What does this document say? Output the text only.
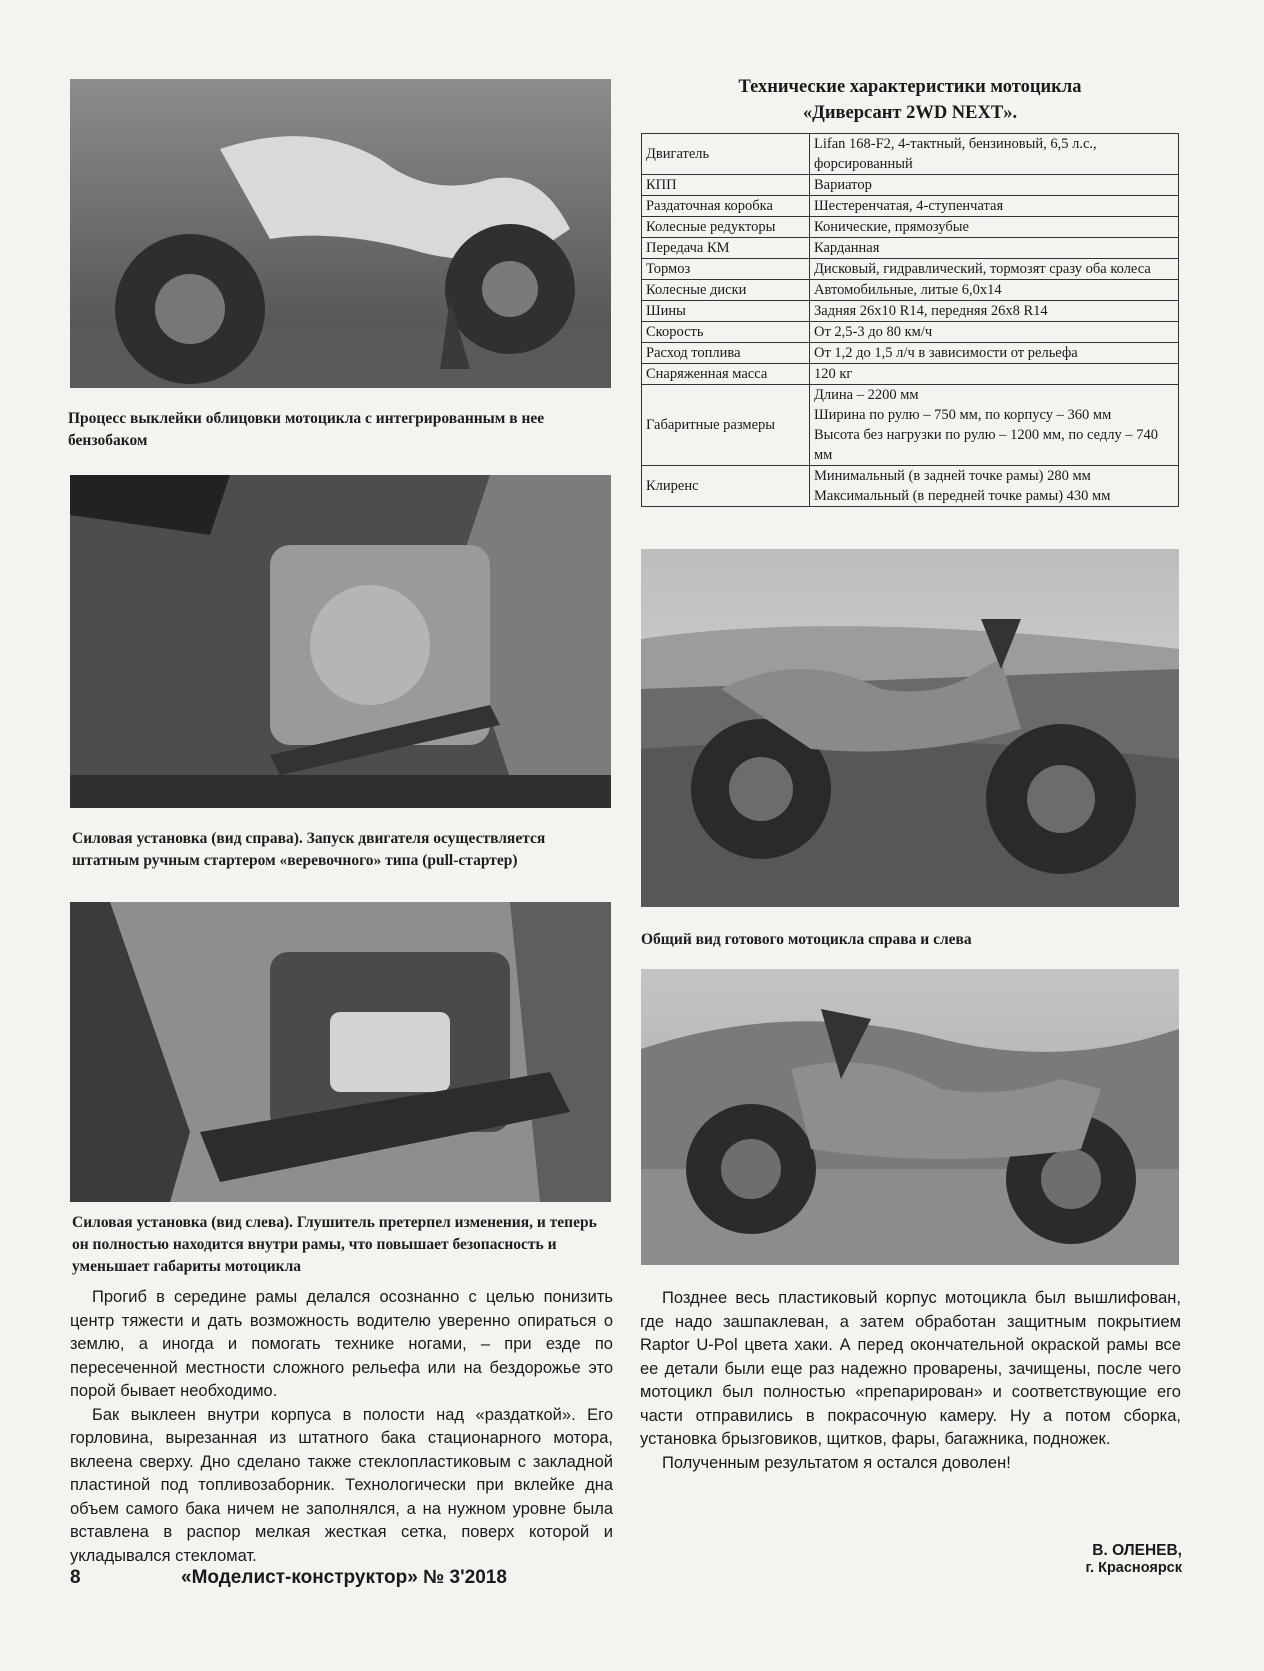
Процесс выклейки облицовки мотоцикла с интегрированным в нее бензобаком
Силовая установка (вид справа). Запуск двигателя осуществляется штатным ручным стартером «веревочного» типа (pull-стартер)
Силовая установка (вид слева). Глушитель претерпел изменения, и теперь он полностью находится внутри рамы, что повышает безопасность и уменьшает габариты мотоцикла
Технические характеристики мотоцикла
«Диверсант 2WD NEXT».
Двигатель	Lifan 168-F2, 4-тактный, бензиновый, 6,5 л.с., форсированный

КПП	Вариатор

Раздаточная коробка	Шестеренчатая, 4-ступенчатая

Колесные редукторы	Конические, прямозубые

Передача КМ	Карданная

Тормоз	Дисковый, гидравлический, тормозят сразу оба колеса

Колесные диски	Автомобильные, литые 6,0x14

Шины	Задняя 26x10 R14, передняя 26x8 R14

Скорость	От 2,5-3 до 80 км/ч

Расход топлива	От 1,2 до 1,5 л/ч в зависимости от рельефа

Снаряженная масса	120 кг

Габаритные размеры	Длина – 2200 мм
Ширина по рулю – 750 мм, по корпусу – 360 мм
Высота без нагрузки по рулю – 1200 мм, по седлу – 740 мм

Клиренс	Минимальный (в задней точке рамы) 280 мм
Максимальный (в передней точке рамы) 430 мм
Общий вид готового мотоцикла справа и слева

Прогиб в середине рамы делался осознанно с целью понизить центр тяжести и дать возможность водителю уверенно опираться о землю, а иногда и помогать технике ногами, – при езде по пересеченной местности сложного рельефа или на бездорожье это порой бывает необходимо.

Бак выклеен внутри корпуса в полости над «раздаткой». Его горловина, вырезанная из штатного бака стационарного мотора, вклеена сверху. Дно сделано также стеклопластиковым с закладной пластиной под топливозаборник. Технологически при вклейке дна объем самого бака ничем не заполнялся, а на нужном уровне была вставлена в распор мелкая жесткая сетка, поверх которой и укладывался стекломат.

Позднее весь пластиковый корпус мотоцикла был вышлифован, где надо зашпаклеван, а затем обработан защитным покрытием Raptor U-Pol цвета хаки. А перед окончательной окраской рамы все ее детали были еще раз надежно проварены, зачищены, после чего мотоцикл был полностью «препарирован» и соответствующие его части отправились в покрасочную камеру. Ну а потом сборка, установка брызговиков, щитков, фары, багажника, подножек.

Полученным результатом я остался доволен!

В. ОЛЕНЕВ,
г. Красноярск
8	«Моделист-конструктор» № 3'2018
